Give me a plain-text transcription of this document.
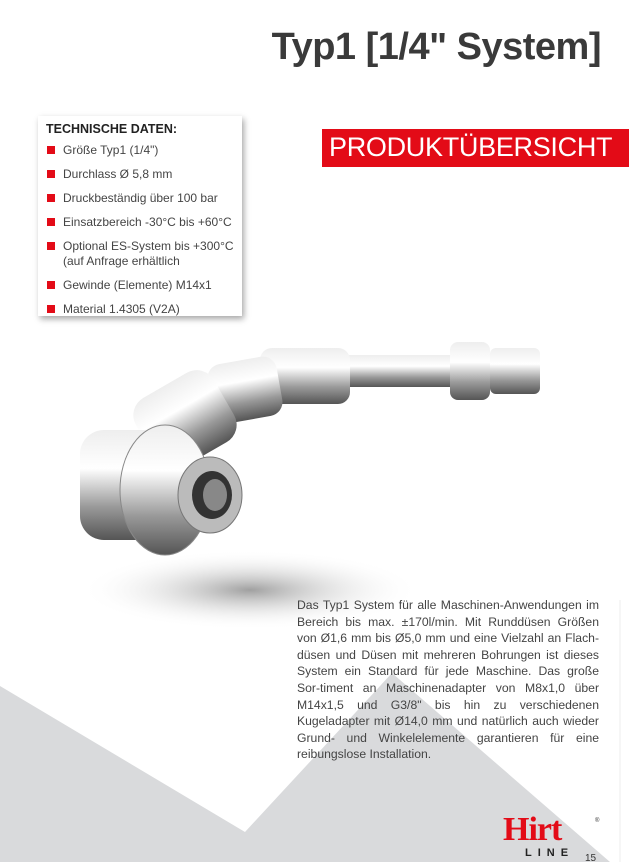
Typ1 [1/4" System]
PRODUKTÜBERSICHT
TECHNISCHE DATEN:
Größe Typ1 (1/4")
Durchlass Ø 5,8 mm
Druckbeständig über 100 bar
Einsatzbereich -30°C bis +60°C
Optional ES-System bis +300°C (auf Anfrage erhältlich
Gewinde (Elemente) M14x1
Material 1.4305 (V2A)

Das Typ1 System für alle Maschinen-Anwendungen im Bereich bis max. ±170l/min. Mit Runddüsen Größen von Ø1,6 mm bis Ø5,0 mm und eine Vielzahl an Flach-düsen und Düsen mit mehreren Bohrungen ist dieses System ein Standard für jede Maschine. Das große Sor-timent an Maschinenadapter von M8x1,0 über M14x1,5 und G3/8" bis hin zu verschiedenen Kugeladapter mit Ø14,0 mm und natürlich auch wieder Grund- und Winkelelemente garantieren für eine reibungslose Installation.

Hirt	®
LINE 15
